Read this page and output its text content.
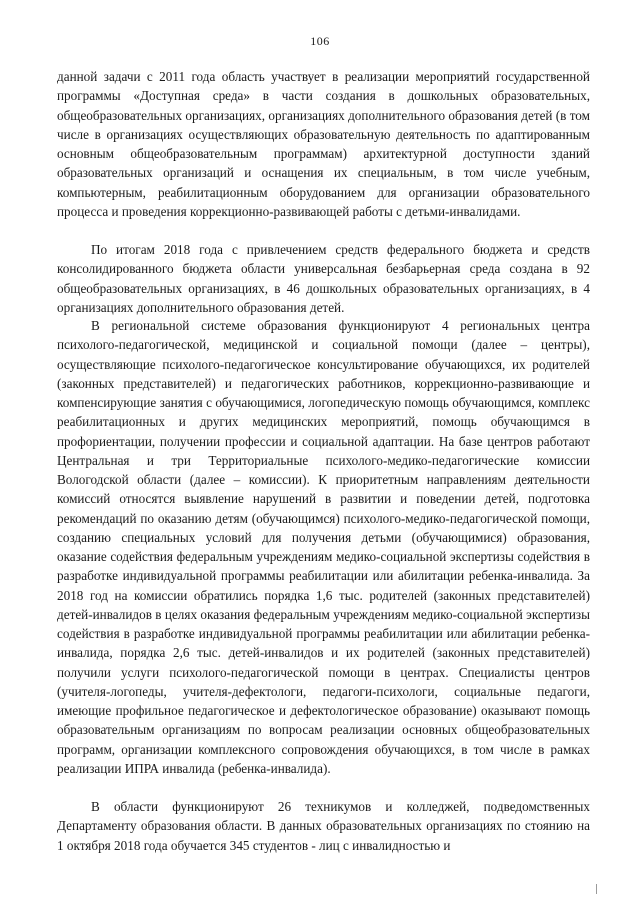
106

данной задачи с 2011 года область участвует в реализации мероприятий государственной программы «Доступная среда» в части создания в дошкольных образовательных, общеобразовательных организациях, организациях дополнительного образования детей (в том числе в организациях осуществляющих образовательную деятельность по адаптированным основным общеобразовательным программам) архитектурной доступности зданий образовательных организаций и оснащения их специальным, в том числе учебным, компьютерным, реабилитационным оборудованием для организации образовательного процесса и проведения коррекционно-развивающей работы с детьми-инвалидами.

По итогам 2018 года с привлечением средств федерального бюджета и средств консолидированного бюджета области универсальная безбарьерная среда создана в 92 общеобразовательных организациях, в 46 дошкольных образовательных организациях, в 4 организациях дополнительного образования детей.

В региональной системе образования функционируют 4 региональных центра психолого-педагогической, медицинской и социальной помощи (далее – центры), осуществляющие психолого-педагогическое консультирование обучающихся, их родителей (законных представителей) и педагогических работников, коррекционно-развивающие и компенсирующие занятия с обучающимися, логопедическую помощь обучающимся, комплекс реабилитационных и других медицинских мероприятий, помощь обучающимся в профориентации, получении профессии и социальной адаптации. На базе центров работают Центральная и три Территориальные психолого-медико-педагогические комиссии Вологодской области (далее – комиссии). К приоритетным направлениям деятельности комиссий относятся выявление нарушений в развитии и поведении детей, подготовка рекомендаций по оказанию детям (обучающимся) психолого-медико-педагогической помощи, созданию специальных условий для получения детьми (обучающимися) образования, оказание содействия федеральным учреждениям медико-социальной экспертизы содействия в разработке индивидуальной программы реабилитации или абилитации ребенка-инвалида. За 2018 год на комиссии обратились порядка 1,6 тыс. родителей (законных представителей) детей-инвалидов в целях оказания федеральным учреждениям медико-социальной экспертизы содействия в разработке индивидуальной программы реабилитации или абилитации ребенка-инвалида, порядка 2,6 тыс. детей-инвалидов и их родителей (законных представителей) получили услуги психолого-педагогической помощи в центрах. Специалисты центров (учителя-логопеды, учителя-дефектологи, педагоги-психологи, социальные педагоги, имеющие профильное педагогическое и дефектологическое образование) оказывают помощь образовательным организациям по вопросам реализации основных общеобразовательных программ, организации комплексного сопровождения обучающихся, в том числе в рамках реализации ИПРА инвалида (ребенка-инвалида).

В области функционируют 26 техникумов и колледжей, подведомственных Департаменту образования области. В данных образовательных организациях по стоянию на 1 октября 2018 года обучается 345 студентов - лиц с инвалидностью и
